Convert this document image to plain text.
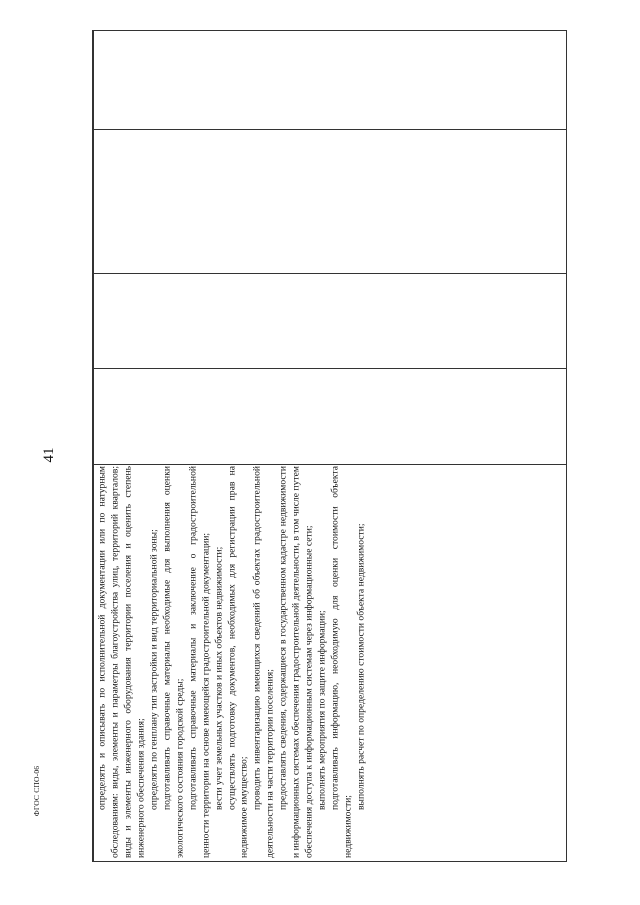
41
ФГОС СПО-06	определять и описывать по исполнительной документации или по натурным обследованиям: виды, элементы и параметры благоустройства улиц, территорий кварталов; виды и элементы инженерного оборудования территории поселения и оценить степень инженерного обеспечения здания; определять по генплану тип застройки и вид территориальной зоны; подготавливать справочные материалы необходимые для выполнения оценки экологического состояния городской среды; подготавливать справочные материалы и заключение о градостроительной ценности территории на основе имеющейся градостроительной документации; вести учет земельных участков и иных объектов недвижимости; осуществлять подготовку документов, необходимых для регистрации прав на недвижимое имущество; проводить инвентаризацию имеющихся сведений об объектах градостроительной деятельности на части территории поселения; предоставлять сведения, содержащиеся в государственном кадастре недвижимости и информационных системах обеспечения градостроительной деятельности, в том числе путем обеспечения доступа к информационным системам через информационные сети; выполнять мероприятия по защите информации; подготавливать информацию, необходимую для оценки стоимости объекта недвижимости;

выполнять расчет по определению стоимости объекта недвижимости;
